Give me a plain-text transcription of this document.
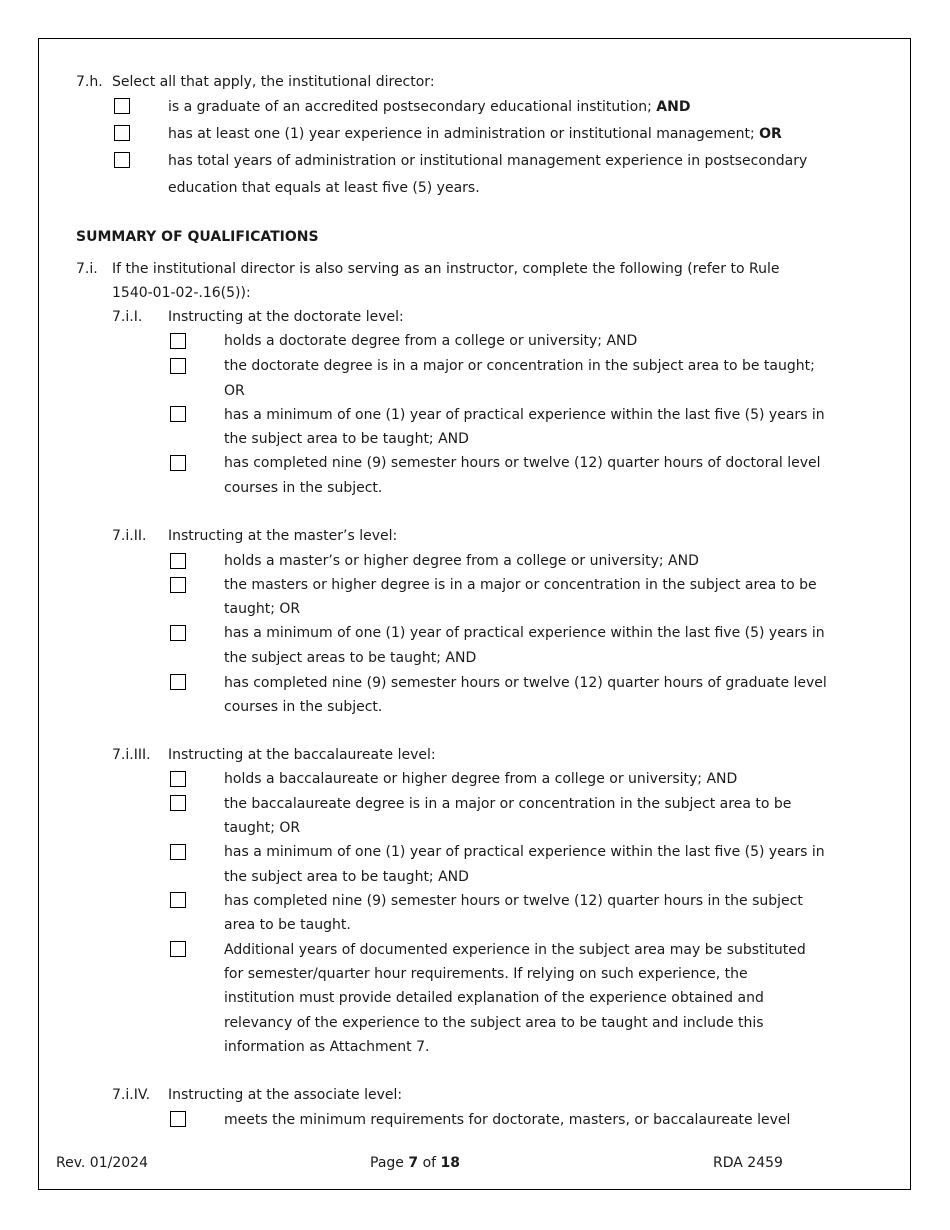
7.h. Select all that apply, the institutional director:
is a graduate of an accredited postsecondary educational institution; AND
has at least one (1) year experience in administration or institutional management; OR
has total years of administration or institutional management experience in postsecondary
education that equals at least five (5) years.
SUMMARY OF QUALIFICATIONS
7.i. If the institutional director is also serving as an instructor, complete the following (refer to Rule
1540-01-02-.16(5)):
7.i.I. Instructing at the doctorate level:
holds a doctorate degree from a college or university; AND
the doctorate degree is in a major or concentration in the subject area to be taught;
OR
has a minimum of one (1) year of practical experience within the last five (5) years in
the subject area to be taught; AND
has completed nine (9) semester hours or twelve (12) quarter hours of doctoral level
courses in the subject.
7.i.II. Instructing at the master’s level:
holds a master’s or higher degree from a college or university; AND
the masters or higher degree is in a major or concentration in the subject area to be
taught; OR
has a minimum of one (1) year of practical experience within the last five (5) years in
the subject areas to be taught; AND
has completed nine (9) semester hours or twelve (12) quarter hours of graduate level
courses in the subject.
7.i.III. Instructing at the baccalaureate level:
holds a baccalaureate or higher degree from a college or university; AND
the baccalaureate degree is in a major or concentration in the subject area to be
taught; OR
has a minimum of one (1) year of practical experience within the last five (5) years in
the subject area to be taught; AND
has completed nine (9) semester hours or twelve (12) quarter hours in the subject
area to be taught.
Additional years of documented experience in the subject area may be substituted
for semester/quarter hour requirements. If relying on such experience, the
institution must provide detailed explanation of the experience obtained and
relevancy of the experience to the subject area to be taught and include this
information as Attachment 7.
7.i.IV. Instructing at the associate level:
meets the minimum requirements for doctorate, masters, or baccalaureate level
Rev. 01/2024	Page 7 of 18	RDA 2459
